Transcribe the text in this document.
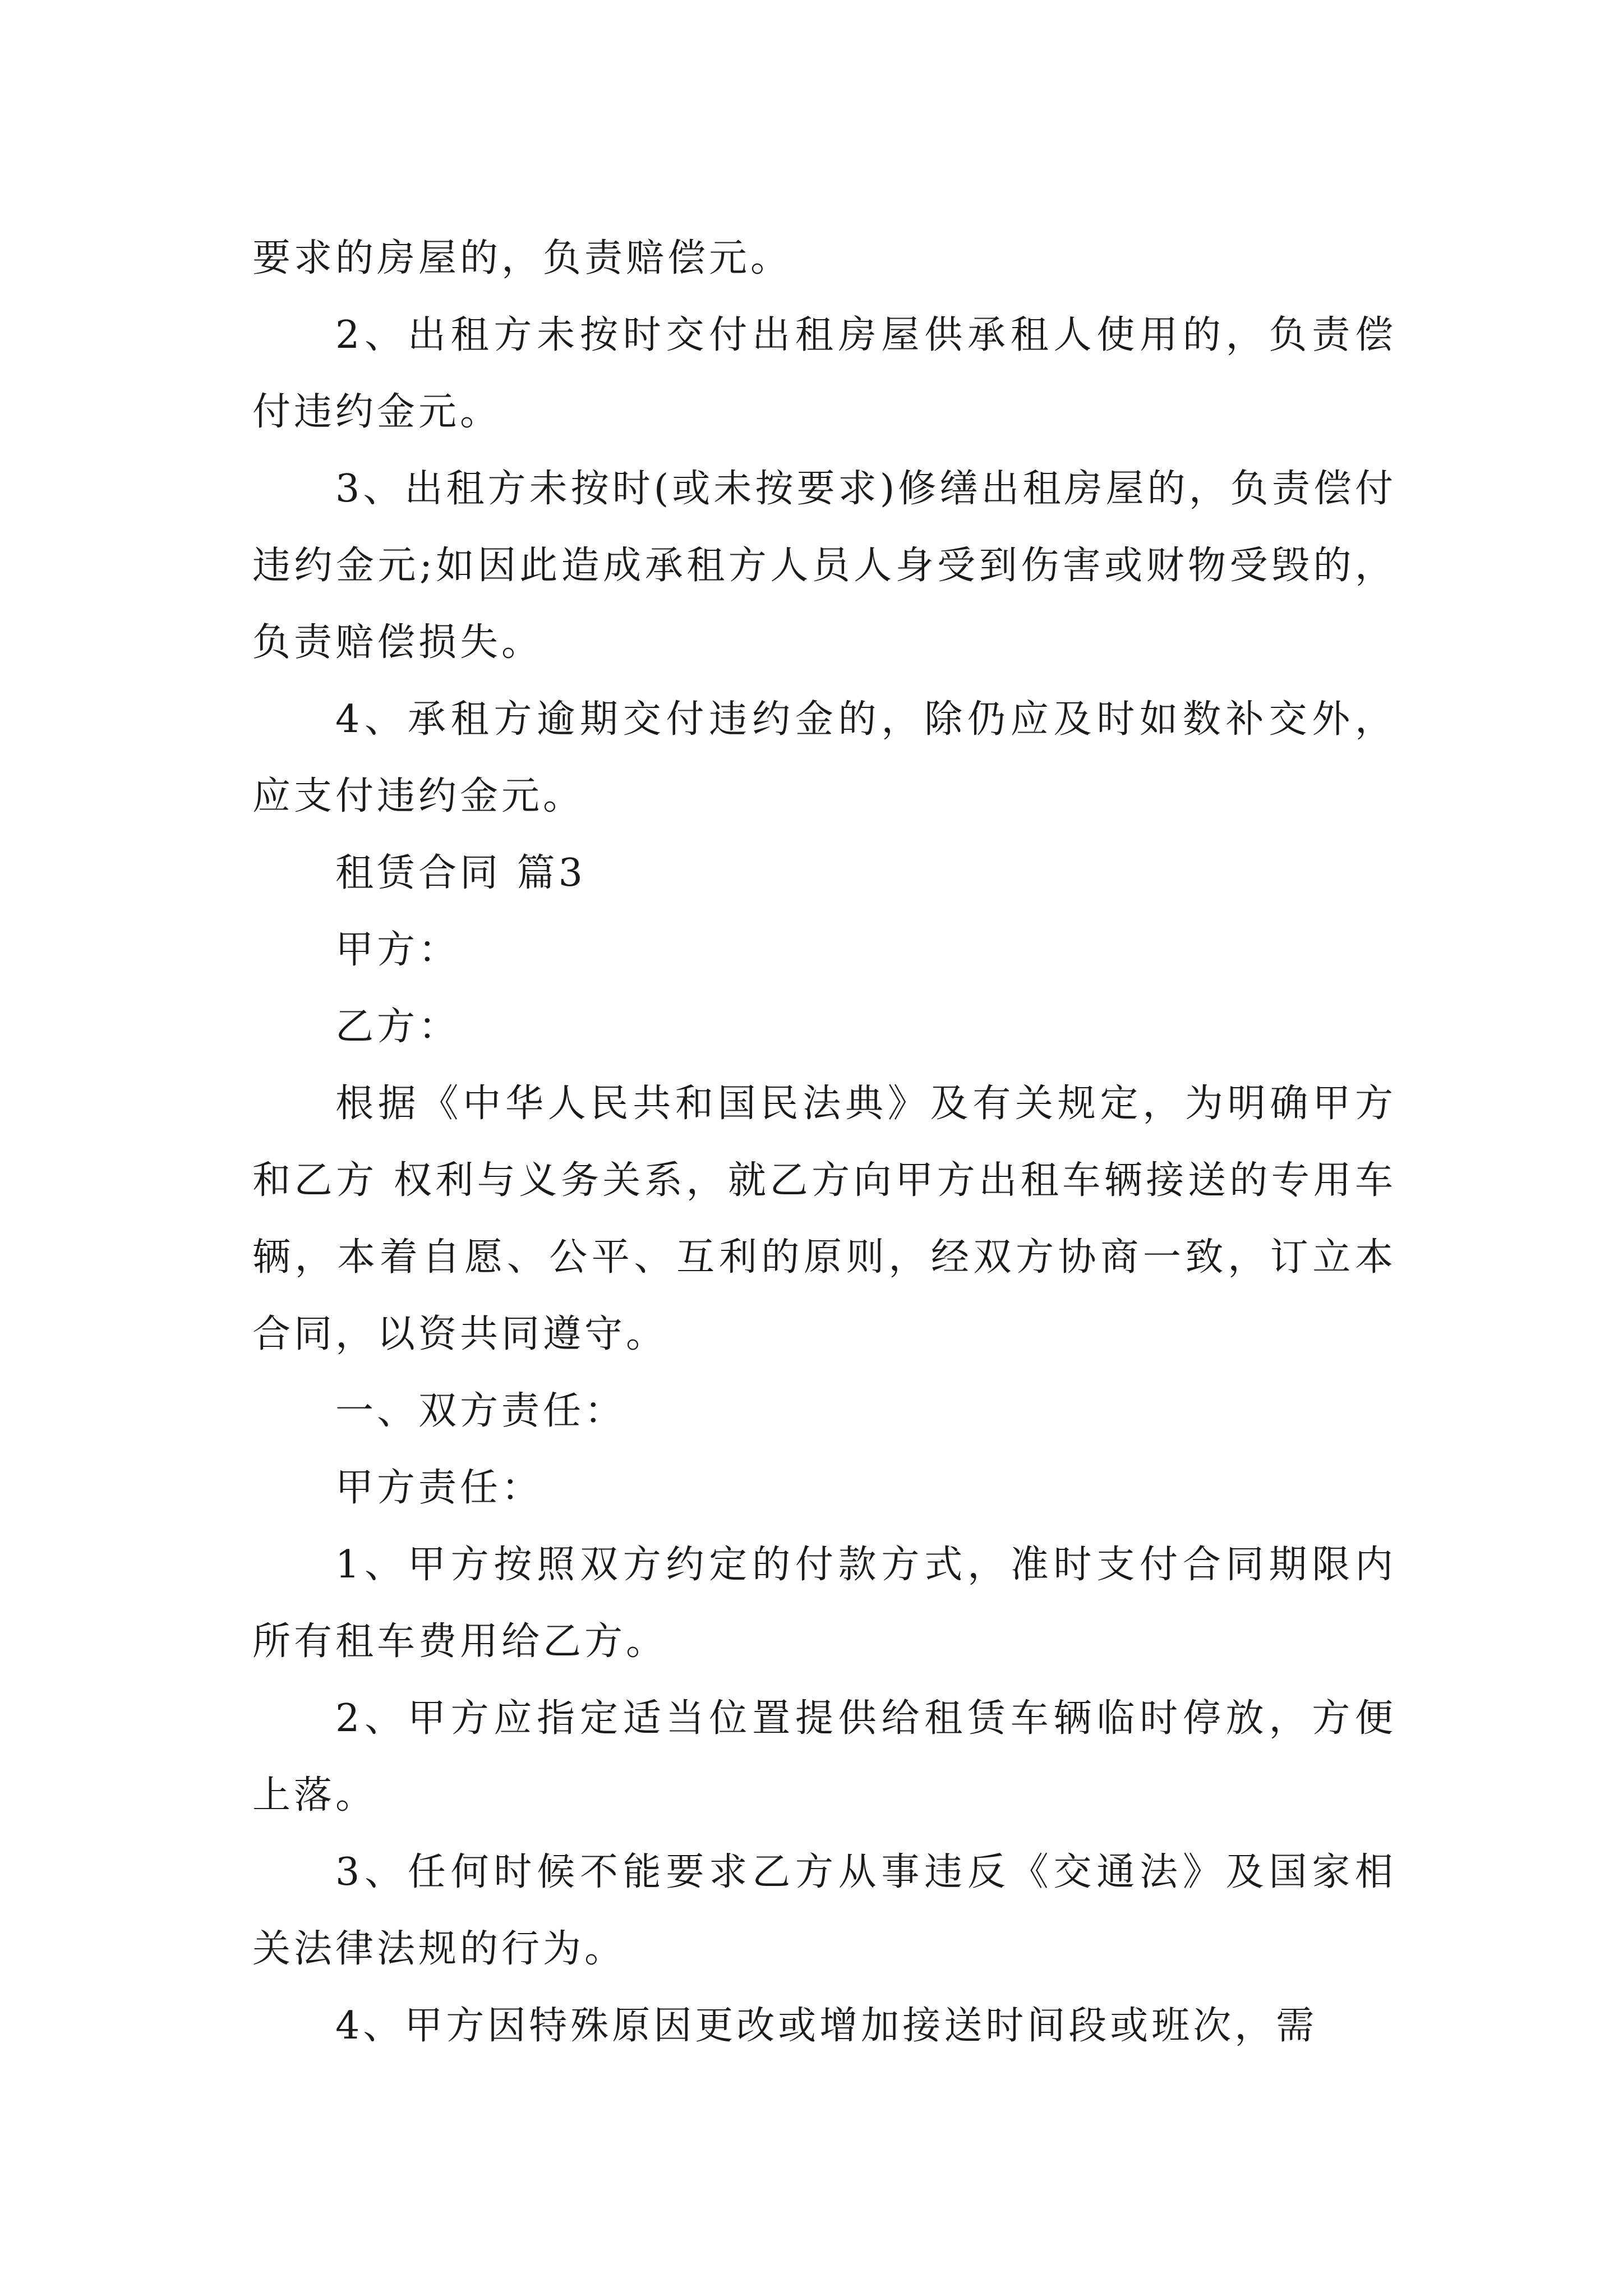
要求的房屋的，负责赔偿元。

2、出租方未按时交付出租房屋供承租人使用的，负责偿付违约金元。

3、出租方未按时(或未按要求)修缮出租房屋的，负责偿付违约金元;如因此造成承租方人员人身受到伤害或财物受毁的，负责赔偿损失。

4、承租方逾期交付违约金的，除仍应及时如数补交外，应支付违约金元。

租赁合同 篇3

甲方：

乙方：

根据《中华人民共和国民法典》及有关规定，为明确甲方和乙方 权利与义务关系，就乙方向甲方出租车辆接送的专用车辆，本着自愿、公平、互利的原则，经双方协商一致，订立本合同，以资共同遵守。

一、双方责任：

甲方责任：

1、甲方按照双方约定的付款方式，准时支付合同期限内所有租车费用给乙方。

2、甲方应指定适当位置提供给租赁车辆临时停放，方便上落。

3、任何时候不能要求乙方从事违反《交通法》及国家相关法律法规的行为。

4、甲方因特殊原因更改或增加接送时间段或班次，需
